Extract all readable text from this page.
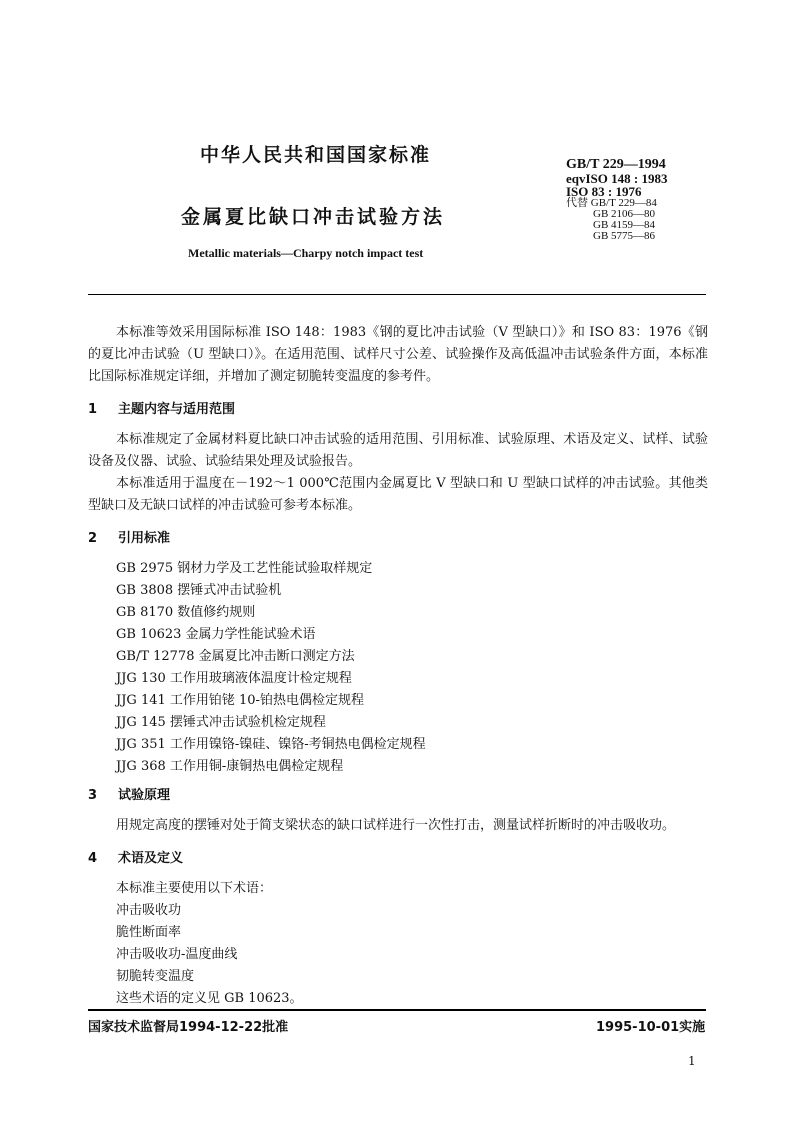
中华人民共和国国家标准	GB/T 229—1994
eqvISO 148 : 1983
ISO 83 : 1976
代替 GB/T 229—84
GB 2106—80
GB 4159—84
GB 5775—86
金属夏比缺口冲击试验方法
Metallic materials—Charpy notch impact test
本标准等效采用国际标准 ISO 148：1983《钢的夏比冲击试验（V 型缺口）》和 ISO 83：1976《钢的夏比冲击试验（U 型缺口）》。在适用范围、试样尺寸公差、试验操作及高低温冲击试验条件方面，本标准比国际标准规定详细，并增加了测定韧脆转变温度的参考件。
1 主题内容与适用范围
本标准规定了金属材料夏比缺口冲击试验的适用范围、引用标准、试验原理、术语及定义、试样、试验设备及仪器、试验、试验结果处理及试验报告。
本标准适用于温度在－192～1 000℃范围内金属夏比 V 型缺口和 U 型缺口试样的冲击试验。其他类型缺口及无缺口试样的冲击试验可参考本标准。
2 引用标准
GB 2975 钢材力学及工艺性能试验取样规定
GB 3808 摆锤式冲击试验机
GB 8170 数值修约规则
GB 10623 金属力学性能试验术语
GB/T 12778 金属夏比冲击断口测定方法
JJG 130 工作用玻璃液体温度计检定规程
JJG 141 工作用铂铑 10-铂热电偶检定规程
JJG 145 摆锤式冲击试验机检定规程
JJG 351 工作用镍铬-镍硅、镍铬-考铜热电偶检定规程
JJG 368 工作用铜-康铜热电偶检定规程
3 试验原理
用规定高度的摆锤对处于简支梁状态的缺口试样进行一次性打击，测量试样折断时的冲击吸收功。
4 术语及定义
本标准主要使用以下术语：
冲击吸收功
脆性断面率
冲击吸收功-温度曲线
韧脆转变温度
这些术语的定义见 GB 10623。
国家技术监督局1994-12-22批准	1995-10-01实施
1
